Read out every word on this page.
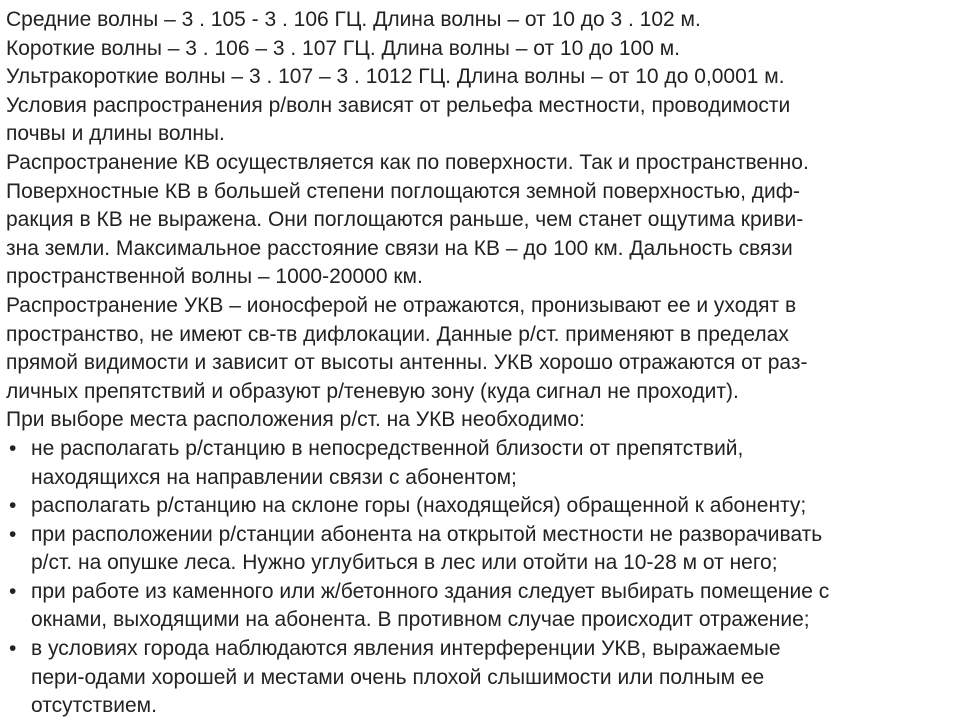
Средние волны – 3 . 105 - 3 . 106 ГЦ. Длина волны – от 10 до 3 . 102 м.
Короткие волны – 3 . 106 – 3 . 107 ГЦ. Длина волны – от 10 до 100 м.
Ультракороткие волны – 3 . 107 – 3 . 1012 ГЦ. Длина волны – от 10 до 0,0001 м.
Условия распространения р/волн зависят от рельефа местности, проводимости
почвы и длины волны.
Распространение КВ осуществляется как по поверхности. Так и пространственно.
Поверхностные КВ в большей степени поглощаются земной поверхностью, диф-
ракция в КВ не выражена. Они поглощаются раньше, чем станет ощутима криви-
зна земли. Максимальное расстояние связи на КВ – до 100 км. Дальность связи
пространственной волны – 1000-20000 км.
Распространение УКВ – ионосферой не отражаются, пронизывают ее и уходят в
пространство, не имеют св-тв дифлокации. Данные р/ст. применяют в пределах
прямой видимости и зависит от высоты антенны. УКВ хорошо отражаются от раз-
личных препятствий и образуют р/теневую зону (куда сигнал не проходит).
При выборе места расположения р/ст. на УКВ необходимо:
• не располагать р/станцию в непосредственной близости от препятствий,
находящихся на направлении связи с абонентом;
• располагать р/станцию на склоне горы (находящейся) обращенной к абоненту;
• при расположении р/станции абонента на открытой местности не разворачивать
р/ст. на опушке леса. Нужно углубиться в лес или отойти на 10-28 м от него;
• при работе из каменного или ж/бетонного здания следует выбирать помещение с
окнами, выходящими на абонента. В противном случае происходит отражение;
• в условиях города наблюдаются явления интерференции УКВ, выражаемые
пери-одами хорошей и местами очень плохой слышимости или полным ее
отсутствием.
